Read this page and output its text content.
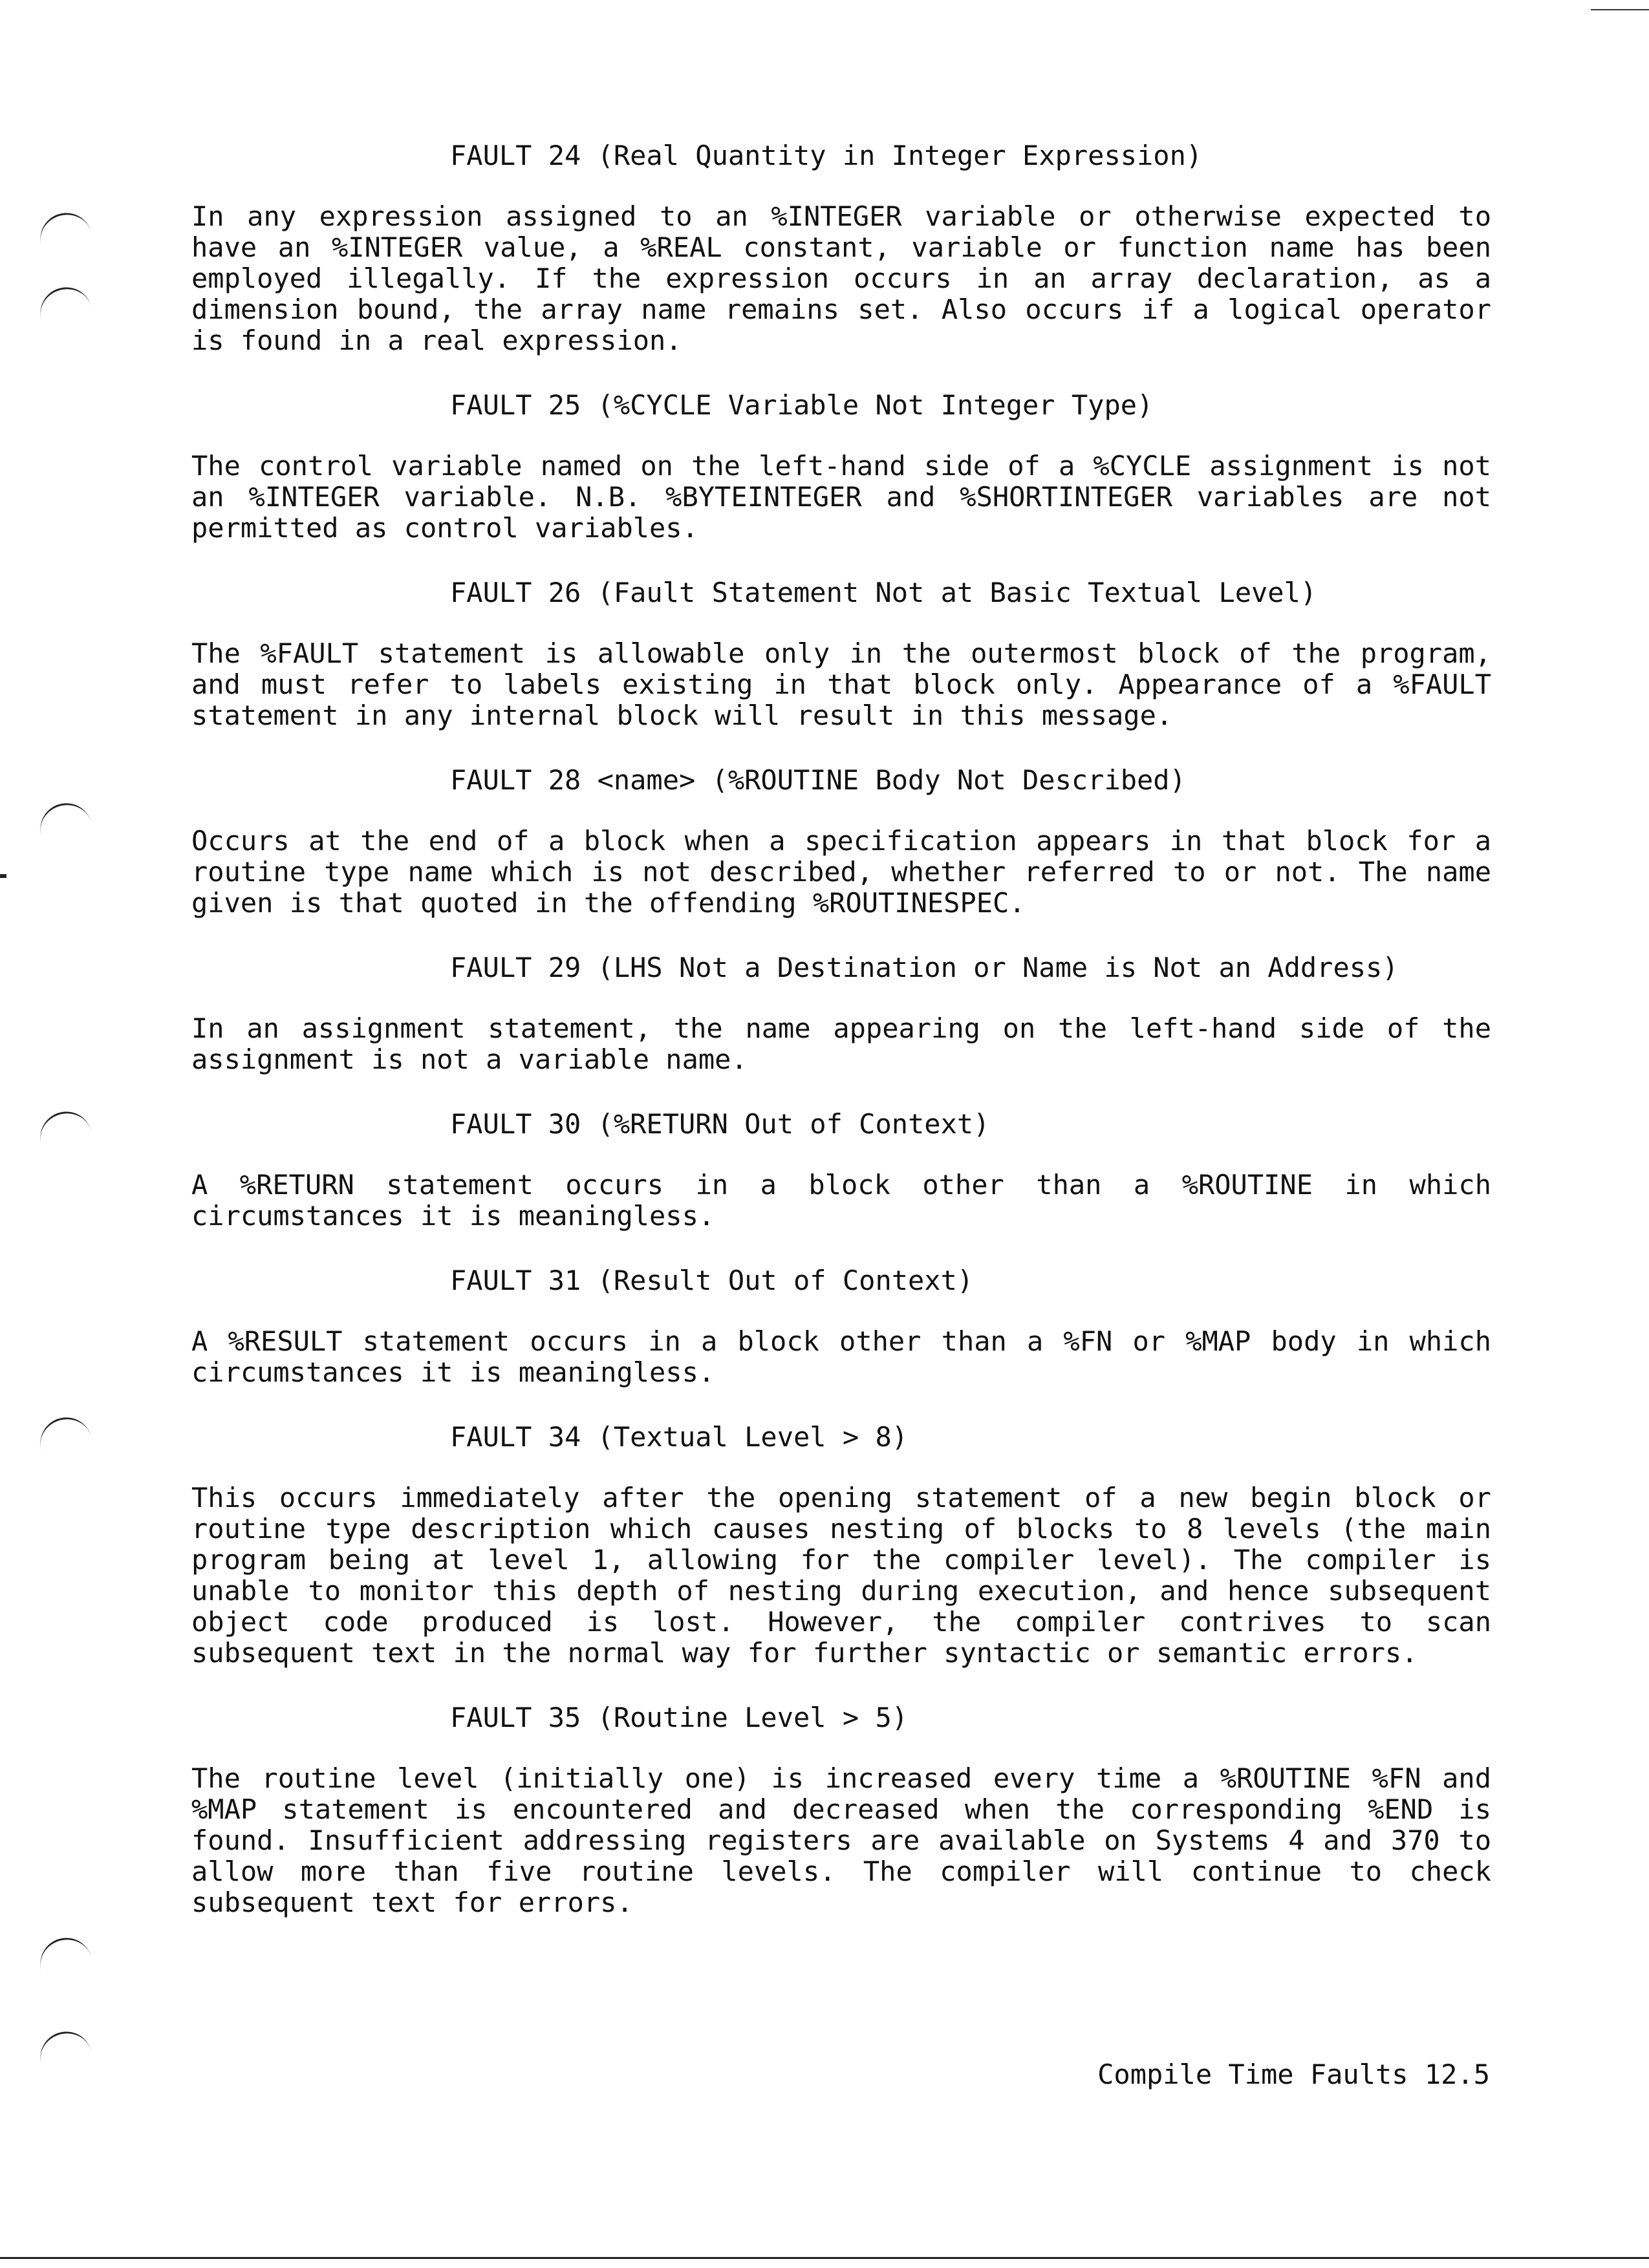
FAULT 24 (Real Quantity in Integer Expression)
In any expression assigned to an %INTEGER variable or otherwise expected to have an %INTEGER value, a %REAL constant, variable or function name has been employed illegally. If the expression occurs in an array declaration, as a dimension bound, the array name remains set. Also occurs if a logical operator is found in a real expression.
FAULT 25 (%CYCLE Variable Not Integer Type)
The control variable named on the left-hand side of a %CYCLE assignment is not an %INTEGER variable. N.B. %BYTEINTEGER and %SHORTINTEGER variables are not permitted as control variables.
FAULT 26 (Fault Statement Not at Basic Textual Level)
The %FAULT statement is allowable only in the outermost block of the program, and must refer to labels existing in that block only. Appearance of a %FAULT statement in any internal block will result in this message.
FAULT 28 <name> (%ROUTINE Body Not Described)
Occurs at the end of a block when a specification appears in that block for a routine type name which is not described, whether referred to or not. The name given is that quoted in the offending %ROUTINESPEC.
FAULT 29 (LHS Not a Destination or Name is Not an Address)
In an assignment statement, the name appearing on the left-hand side of the assignment is not a variable name.
FAULT 30 (%RETURN Out of Context)
A %RETURN statement occurs in a block other than a %ROUTINE in which circumstances it is meaningless.
FAULT 31 (Result Out of Context)
A %RESULT statement occurs in a block other than a %FN or %MAP body in which circumstances it is meaningless.
FAULT 34 (Textual Level > 8)
This occurs immediately after the opening statement of a new begin block or routine type description which causes nesting of blocks to 8 levels (the main program being at level 1, allowing for the compiler level). The compiler is unable to monitor this depth of nesting during execution, and hence subsequent object code produced is lost. However, the compiler contrives to scan subsequent text in the normal way for further syntactic or semantic errors.
FAULT 35 (Routine Level > 5)
The routine level (initially one) is increased every time a %ROUTINE %FN and %MAP statement is encountered and decreased when the corresponding %END is found. Insufficient addressing registers are available on Systems 4 and 370 to allow more than five routine levels. The compiler will continue to check subsequent text for errors.
Compile Time Faults 12.5
